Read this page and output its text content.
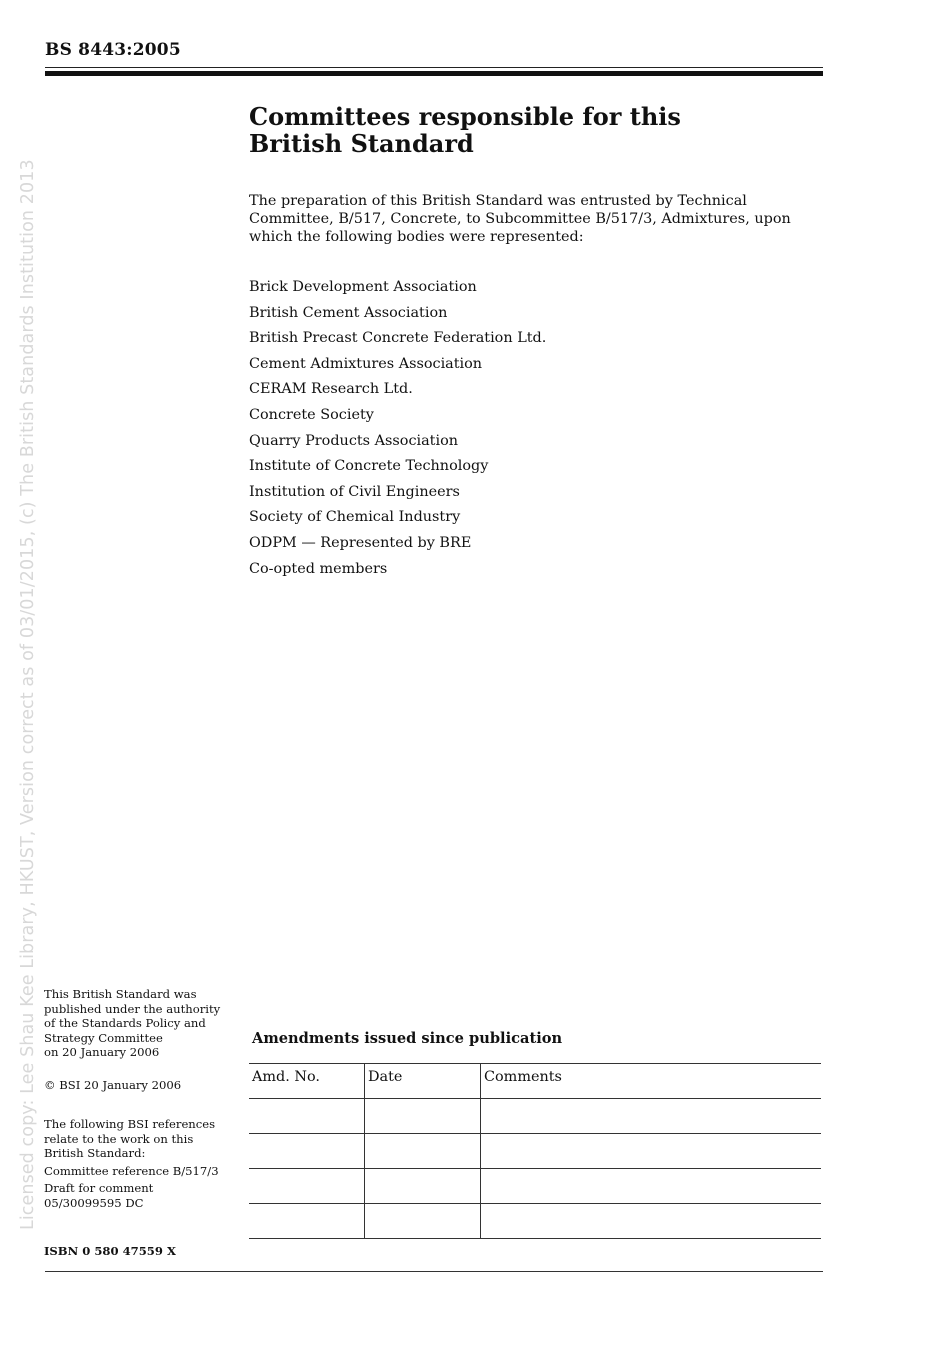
BS 8443:2005
Licensed copy: Lee Shau Kee Library, HKUST, Version correct as of 03/01/2015, (c) The British Standards Institution 2013
Committees responsible for this
British Standard

The preparation of this British Standard was entrusted by Technical
Committee, B/517, Concrete, to Subcommittee B/517/3, Admixtures, upon
which the following bodies were represented:

Brick Development Association
British Cement Association
British Precast Concrete Federation Ltd.
Cement Admixtures Association
CERAM Research Ltd.
Concrete Society
Quarry Products Association
Institute of Concrete Technology
Institution of Civil Engineers
Society of Chemical Industry
ODPM — Represented by BRE
Co-opted members

This British Standard was
published under the authority
of the Standards Policy and
Strategy Committee
on 20 January 2006

© BSI 20 January 2006

The following BSI references
relate to the work on this
British Standard:

Committee reference B/517/3

Draft for comment
05/30099595 DC

ISBN 0 580 47559 X
Amendments issued since publication
Amd. No.	Date	Comments
